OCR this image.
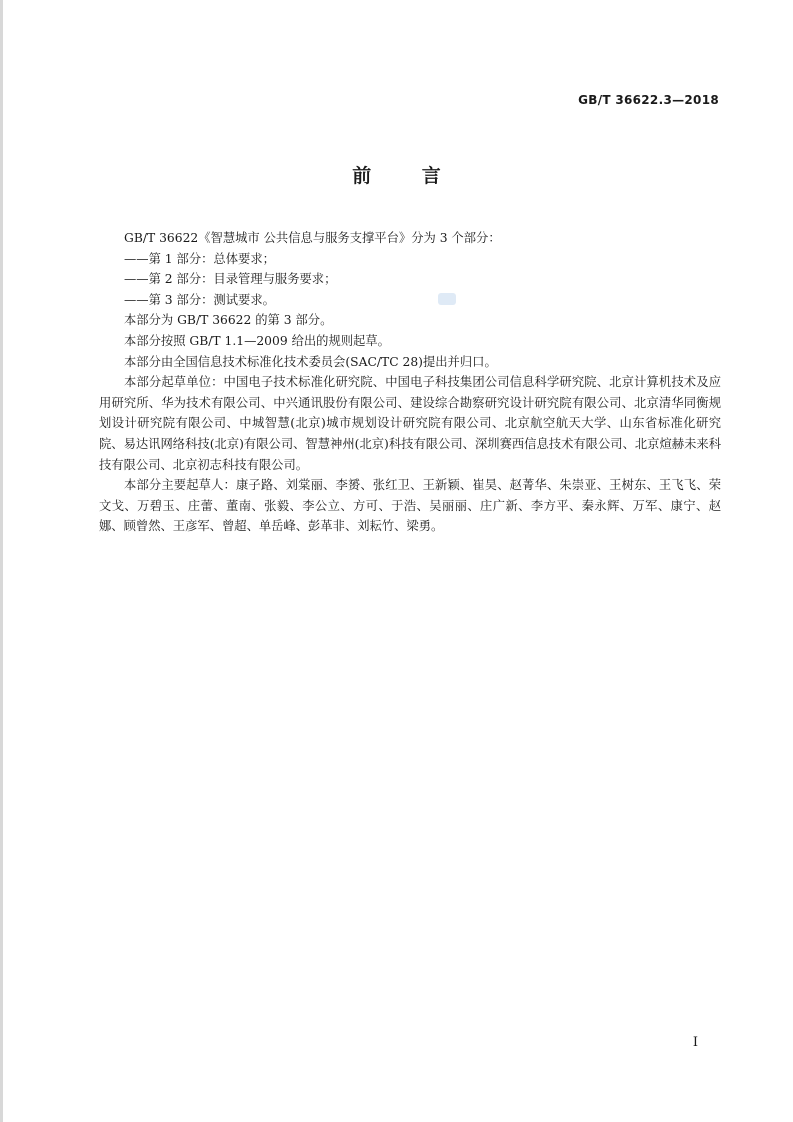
GB/T 36622.3—2018
前 言

GB/T 36622《智慧城市 公共信息与服务支撑平台》分为 3 个部分：

——第 1 部分：总体要求；

——第 2 部分：目录管理与服务要求；

——第 3 部分：测试要求。

本部分为 GB/T 36622 的第 3 部分。

本部分按照 GB/T 1.1—2009 给出的规则起草。

本部分由全国信息技术标准化技术委员会(SAC/TC 28)提出并归口。

本部分起草单位：中国电子技术标准化研究院、中国电子科技集团公司信息科学研究院、北京计算机技术及应用研究所、华为技术有限公司、中兴通讯股份有限公司、建设综合勘察研究设计研究院有限公司、北京清华同衡规划设计研究院有限公司、中城智慧(北京)城市规划设计研究院有限公司、北京航空航天大学、山东省标准化研究院、易达讯网络科技(北京)有限公司、智慧神州(北京)科技有限公司、深圳赛西信息技术有限公司、北京煊赫未来科技有限公司、北京初志科技有限公司。

本部分主要起草人：康子路、刘棠丽、李赟、张红卫、王新颖、崔昊、赵菁华、朱崇亚、王树东、王飞飞、荣文戈、万碧玉、庄蕾、董南、张毅、李公立、方可、于浩、吴丽丽、庄广新、李方平、秦永辉、万军、康宁、赵娜、顾曾然、王彦军、曾超、单岳峰、彭革非、刘耘竹、梁勇。

I
